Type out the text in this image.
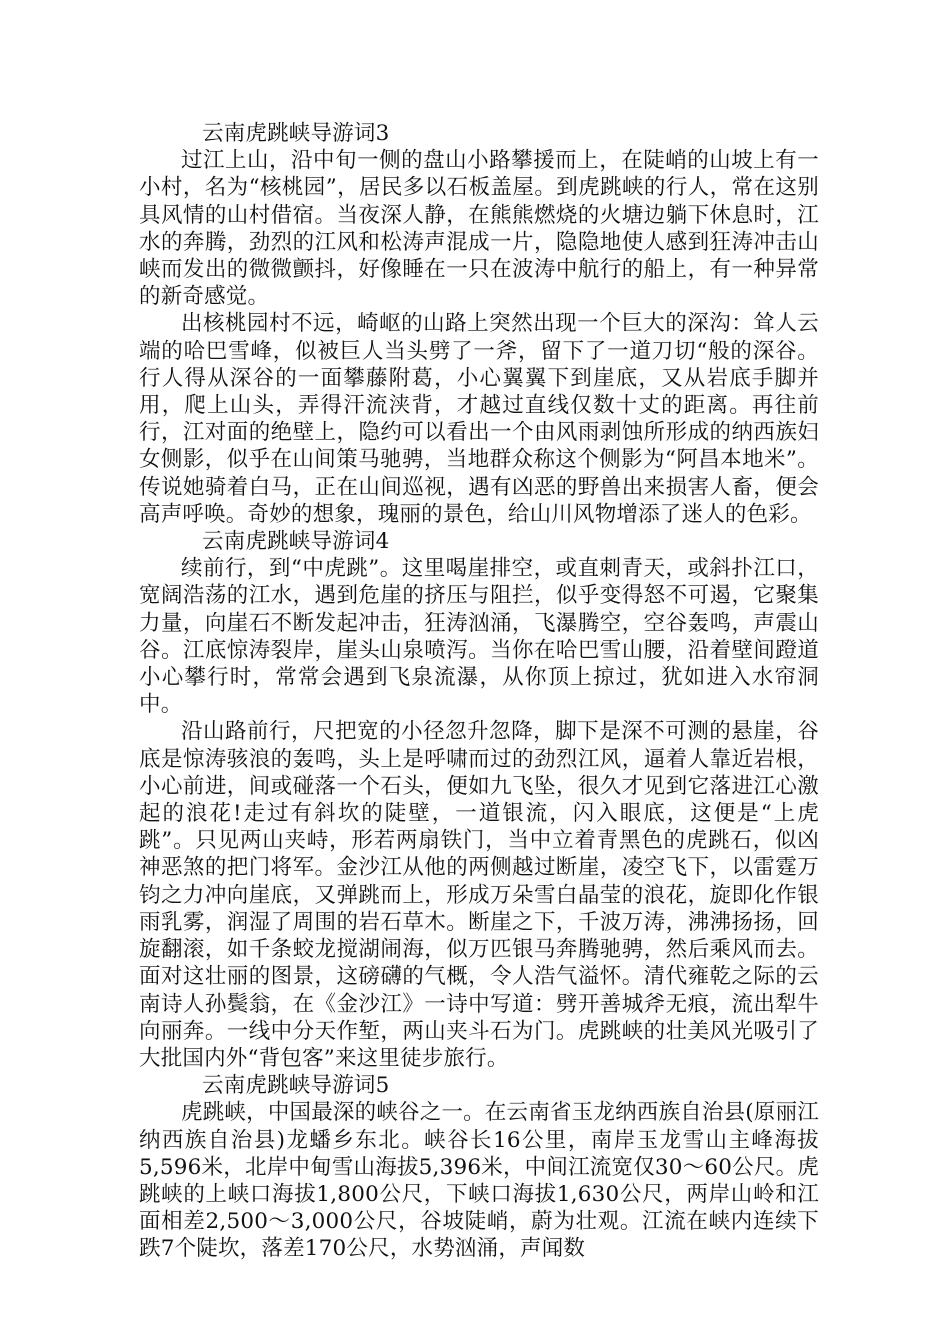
云南虎跳峡导游词3

过江上山，沿中旬一侧的盘山小路攀援而上，在陡峭的山坡上有一小村，名为“核桃园”，居民多以石板盖屋。到虎跳峡的行人，常在这别具风情的山村借宿。当夜深人静，在熊熊燃烧的火塘边躺下休息时，江水的奔腾，劲烈的江风和松涛声混成一片，隐隐地使人感到狂涛冲击山峡而发出的微微颤抖，好像睡在一只在波涛中航行的船上，有一种异常的新奇感觉。

出核桃园村不远，崎岖的山路上突然出现一个巨大的深沟：耸人云端的哈巴雪峰，似被巨人当头劈了一斧，留下了一道刀切“般的深谷。行人得从深谷的一面攀藤附葛，小心翼翼下到崖底，又从岩底手脚并用，爬上山头，弄得汗流浃背，才越过直线仅数十丈的距离。再往前行，江对面的绝壁上，隐约可以看出一个由风雨剥蚀所形成的纳西族妇女侧影，似乎在山间策马驰骋，当地群众称这个侧影为“阿昌本地米”。传说她骑着白马，正在山间巡视，遇有凶恶的野兽出来损害人畜，便会高声呼唤。奇妙的想象，瑰丽的景色，给山川风物增添了迷人的色彩。

云南虎跳峡导游词4

续前行，到“中虎跳”。这里喝崖排空，或直刺青天，或斜扑江口，宽阔浩荡的江水，遇到危崖的挤压与阻拦，似乎变得怒不可遏，它聚集力量，向崖石不断发起冲击，狂涛汹涌，飞瀑腾空，空谷轰鸣，声震山谷。江底惊涛裂岸，崖头山泉喷泻。当你在哈巴雪山腰，沿着壁间蹬道小心攀行时，常常会遇到飞泉流瀑，从你顶上掠过，犹如进入水帘洞中。

沿山路前行，尺把宽的小径忽升忽降，脚下是深不可测的悬崖，谷底是惊涛骇浪的轰鸣，头上是呼啸而过的劲烈江风，逼着人靠近岩根，小心前进，间或碰落一个石头，便如九飞坠，很久才见到它落进江心激起的浪花!走过有斜坎的陡壁，一道银流，闪入眼底，这便是“上虎跳”。只见两山夹峙，形若两扇铁门，当中立着青黑色的虎跳石，似凶神恶煞的把门将军。金沙江从他的两侧越过断崖，凌空飞下，以雷霆万钧之力冲向崖底，又弹跳而上，形成万朵雪白晶莹的浪花，旋即化作银雨乳雾，润湿了周围的岩石草木。断崖之下，千波万涛，沸沸扬扬，回旋翻滚，如千条蛟龙搅湖闹海，似万匹银马奔腾驰骋，然后乘风而去。面对这壮丽的图景，这磅礴的气概，令人浩气溢怀。清代雍乾之际的云南诗人孙鬓翁，在《金沙江》一诗中写道：劈开善城斧无痕，流出犁牛向丽奔。一线中分天作堑，两山夹斗石为门。虎跳峡的壮美风光吸引了大批国内外“背包客”来这里徒步旅行。

云南虎跳峡导游词5

虎跳峡，中国最深的峡谷之一。在云南省玉龙纳西族自治县(原丽江纳西族自治县)龙蟠乡东北。峡谷长16公里，南岸玉龙雪山主峰海拔5,596米，北岸中甸雪山海拔5,396米，中间江流宽仅30～60公尺。虎跳峡的上峡口海拔1,800公尺，下峡口海拔1,630公尺，两岸山岭和江面相差2,500～3,000公尺，谷坡陡峭，蔚为壮观。江流在峡内连续下跌7个陡坎，落差170公尺，水势汹涌，声闻数
